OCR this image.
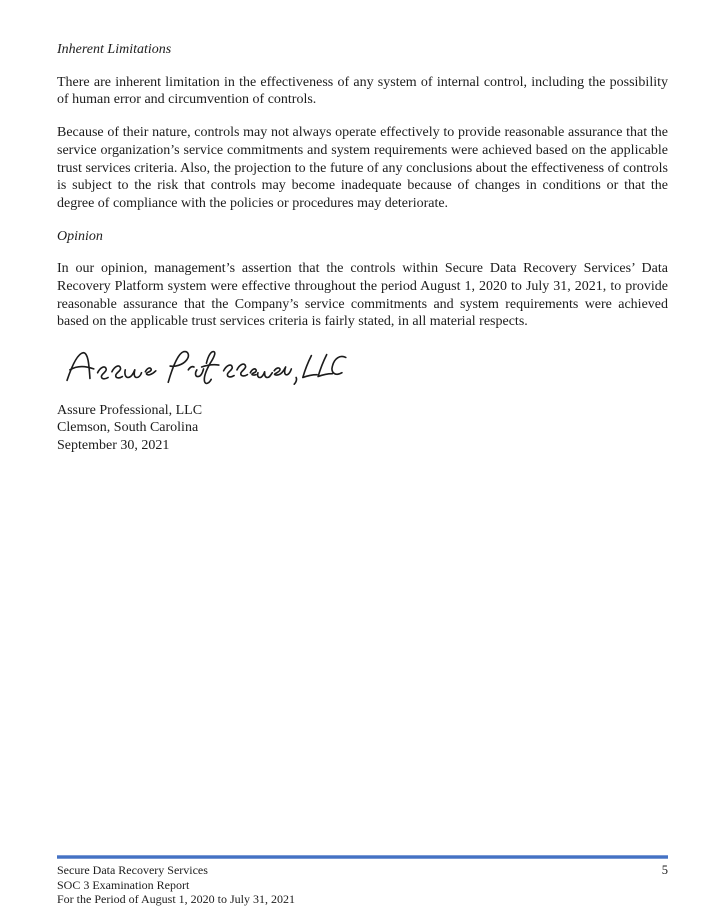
Inherent Limitations

There are inherent limitation in the effectiveness of any system of internal control, including the possibility of human error and circumvention of controls.

Because of their nature, controls may not always operate effectively to provide reasonable assurance that the service organization’s service commitments and system requirements were achieved based on the applicable trust services criteria. Also, the projection to the future of any conclusions about the effectiveness of controls is subject to the risk that controls may become inadequate because of changes in conditions or that the degree of compliance with the policies or procedures may deteriorate.

Opinion

In our opinion, management’s assertion that the controls within Secure Data Recovery Services’ Data Recovery Platform system were effective throughout the period August 1, 2020 to July 31, 2021, to provide reasonable assurance that the Company’s service commitments and system requirements were achieved based on the applicable trust services criteria is fairly stated, in all material respects.

Assure Professional, LLC
Clemson, South Carolina
September 30, 2021
Secure Data Recovery Services
SOC 3 Examination Report
For the Period of August 1, 2020 to July 31, 2021
5
